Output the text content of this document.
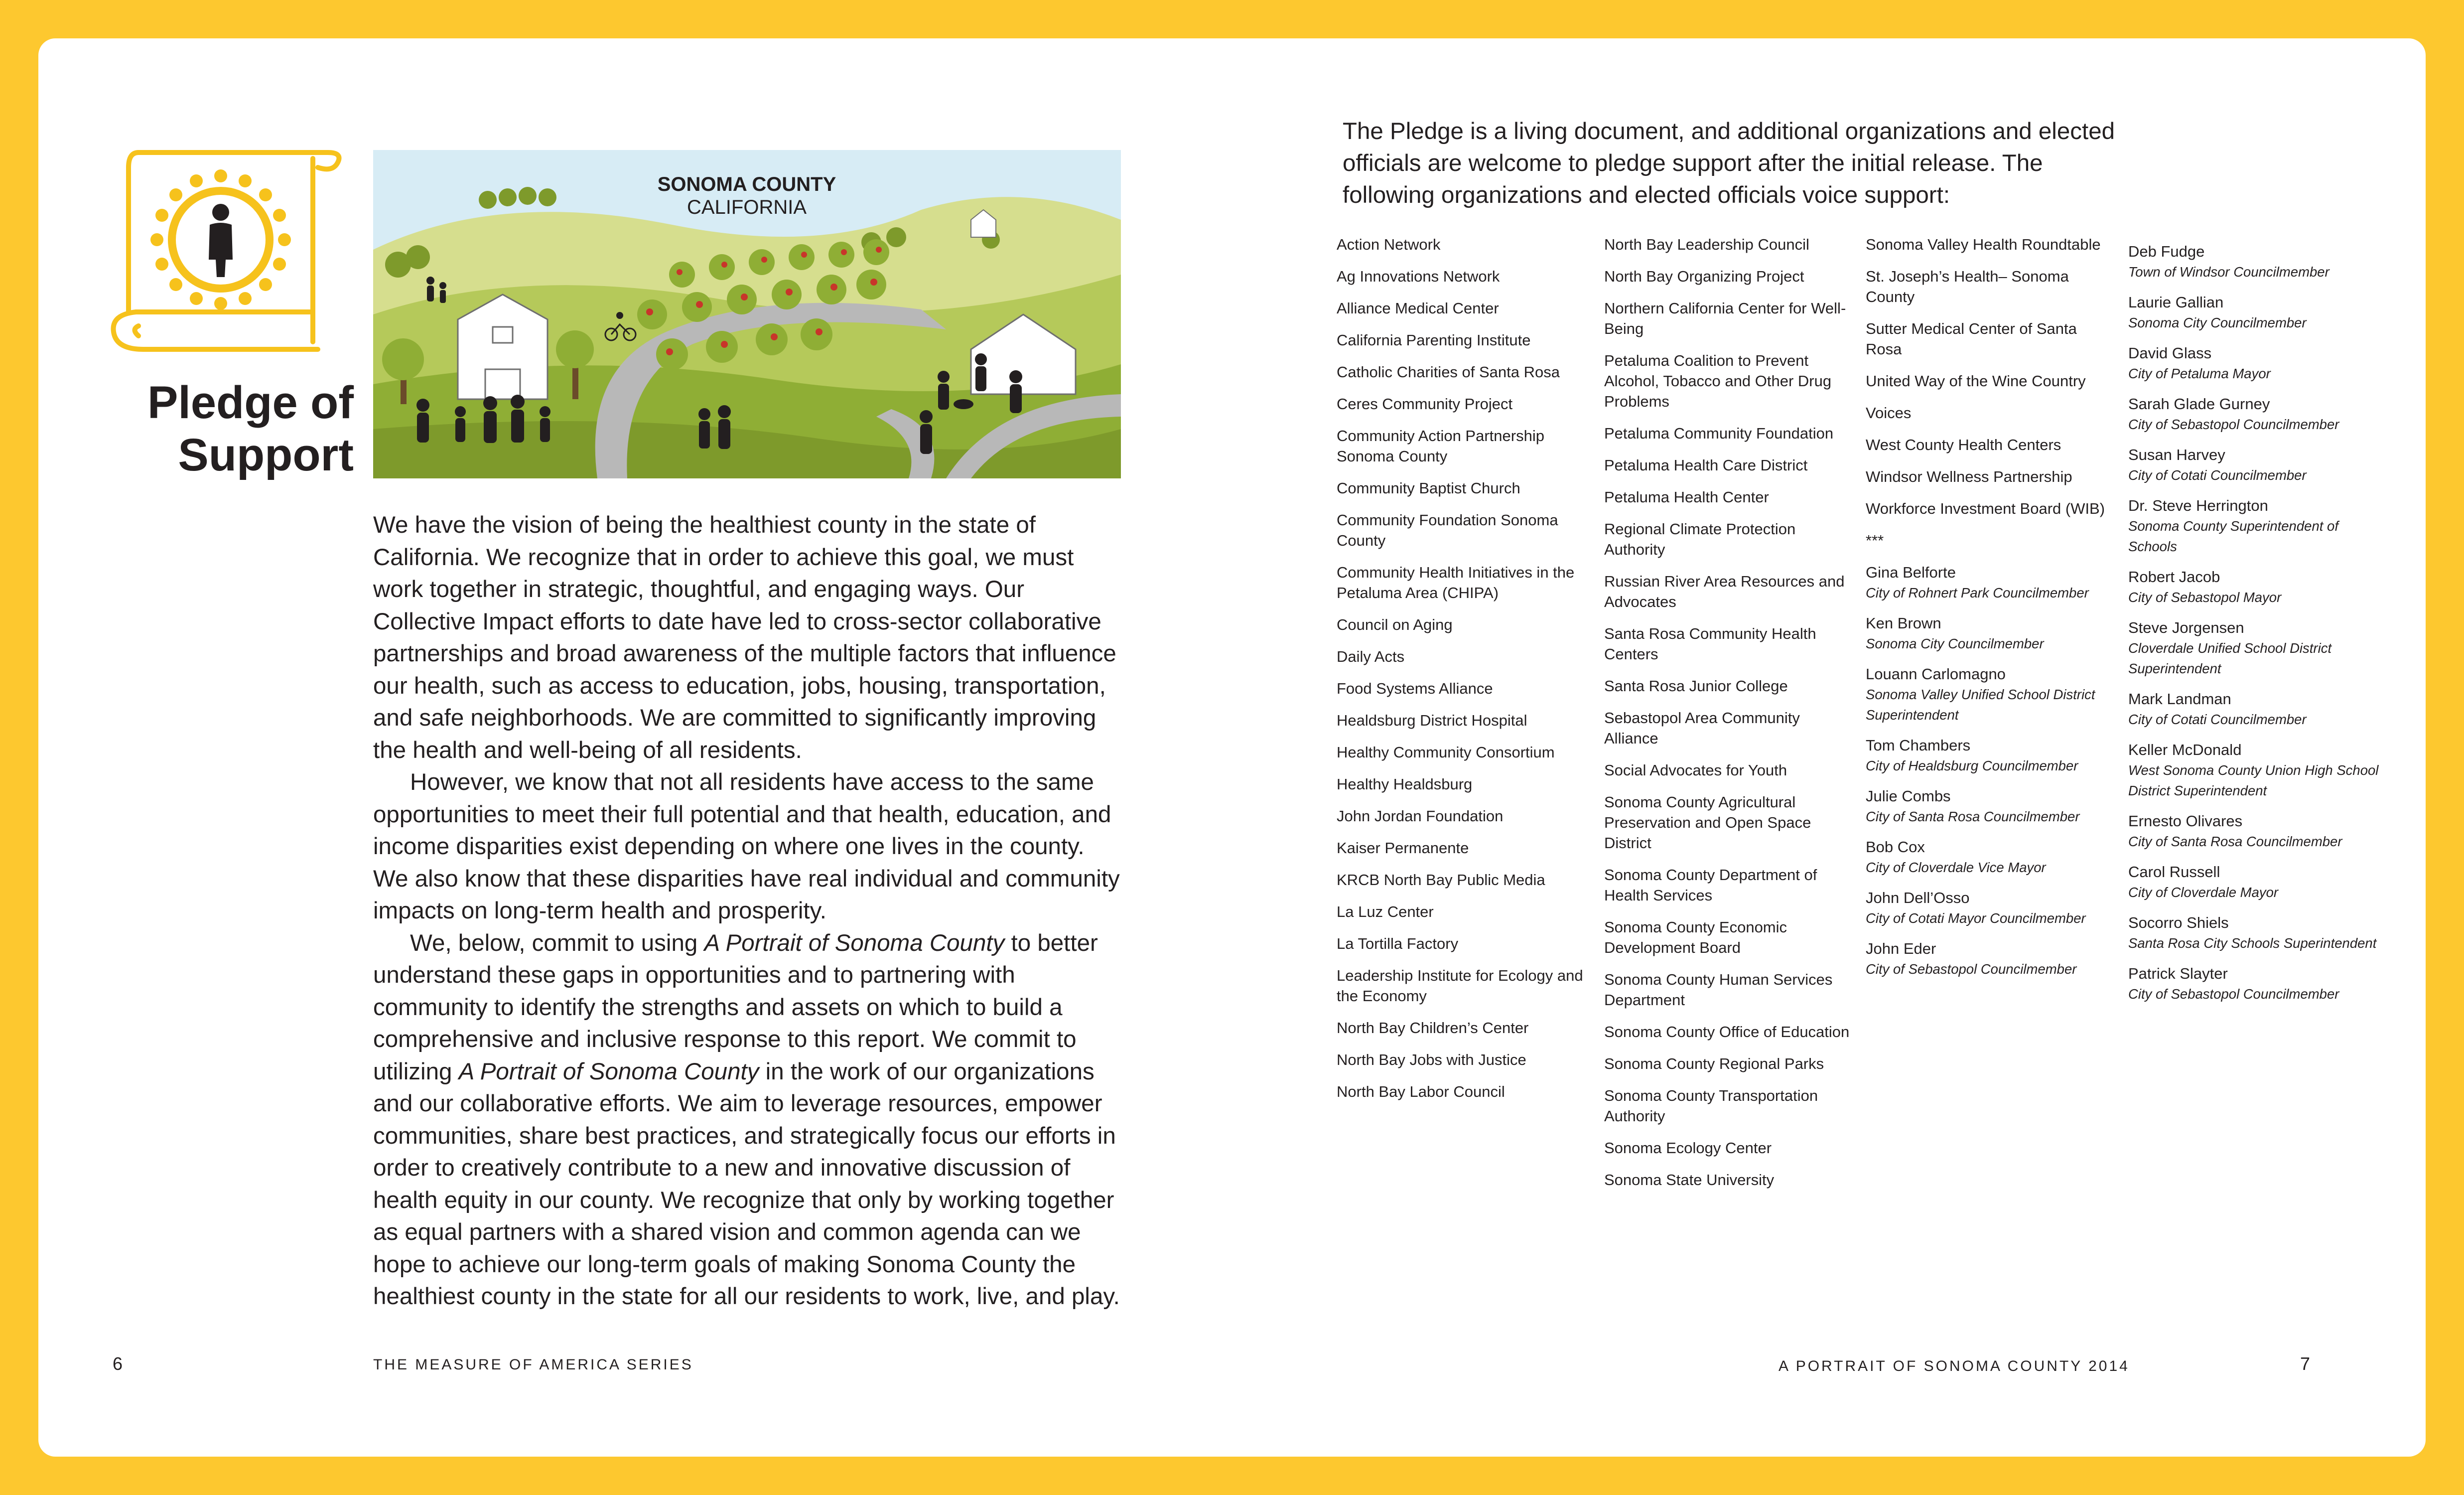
Pledge of
Support
SONOMA COUNTY
CALIFORNIA

We have the vision of being the healthiest county in the state of California. We recognize that in order to achieve this goal, we must work together in strategic, thoughtful, and engaging ways. Our Collective Impact efforts to date have led to cross-sector collaborative partnerships and broad awareness of the multiple factors that influence our health, such as access to education, jobs, housing, transportation, and safe neighborhoods. We are committed to significantly improving the health and well-being of all residents.

However, we know that not all residents have access to the same opportunities to meet their full potential and that health, education, and income disparities exist depending on where one lives in the county. We also know that these disparities have real individual and community impacts on long-term health and prosperity.

We, below, commit to using A Portrait of Sonoma County to better understand these gaps in opportunities and to partnering with community to identify the strengths and assets on which to build a comprehensive and inclusive response to this report. We commit to utilizing A Portrait of Sonoma County in the work of our organizations and our collaborative efforts. We aim to leverage resources, empower communities, share best practices, and strategically focus our efforts in order to creatively contribute to a new and innovative discussion of health equity in our county. We recognize that only by working together as equal partners with a shared vision and common agenda can we hope to achieve our long-term goals of making Sonoma County the healthiest county in the state for all our residents to work, live, and play.

6	THE MEASURE OF AMERICA SERIES
The Pledge is a living document, and additional organizations and elected officials are welcome to pledge support after the initial release. The following organizations and elected officials voice support:
Action Network
Ag Innovations Network
Alliance Medical Center
California Parenting Institute
Catholic Charities of Santa Rosa
Ceres Community Project
Community Action Partnership Sonoma County
Community Baptist Church
Community Foundation Sonoma County
Community Health Initiatives in the Petaluma Area (CHIPA)
Council on Aging
Daily Acts
Food Systems Alliance
Healdsburg District Hospital
Healthy Community Consortium
Healthy Healdsburg
John Jordan Foundation
Kaiser Permanente
KRCB North Bay Public Media
La Luz Center
La Tortilla Factory
Leadership Institute for Ecology and the Economy
North Bay Children’s Center
North Bay Jobs with Justice
North Bay Labor Council
North Bay Leadership Council
North Bay Organizing Project
Northern California Center for Well-Being
Petaluma Coalition to Prevent Alcohol, Tobacco and Other Drug Problems
Petaluma Community Foundation
Petaluma Health Care District
Petaluma Health Center
Regional Climate Protection Authority
Russian River Area Resources and Advocates
Santa Rosa Community Health Centers
Santa Rosa Junior College
Sebastopol Area Community Alliance
Social Advocates for Youth
Sonoma County Agricultural Preservation and Open Space District
Sonoma County Department of Health Services
Sonoma County Economic Development Board
Sonoma County Human Services Department
Sonoma County Office of Education
Sonoma County Regional Parks
Sonoma County Transportation Authority
Sonoma Ecology Center
Sonoma State University
Sonoma Valley Health Roundtable
St. Joseph’s Health– Sonoma County
Sutter Medical Center of Santa Rosa
United Way of the Wine Country
Voices
West County Health Centers
Windsor Wellness Partnership
Workforce Investment Board (WIB)
***
Gina Belforte
City of Rohnert Park Councilmember
Ken Brown
Sonoma City Councilmember
Louann Carlomagno
Sonoma Valley Unified School District Superintendent
Tom Chambers
City of Healdsburg Councilmember
Julie Combs
City of Santa Rosa Councilmember
Bob Cox
City of Cloverdale Vice Mayor
John Dell’Osso
City of Cotati Mayor Councilmember
John Eder
City of Sebastopol Councilmember
Deb Fudge
Town of Windsor Councilmember
Laurie Gallian
Sonoma City Councilmember
David Glass
City of Petaluma Mayor
Sarah Glade Gurney
City of Sebastopol Councilmember
Susan Harvey
City of Cotati Councilmember
Dr. Steve Herrington
Sonoma County Superintendent of Schools
Robert Jacob
City of Sebastopol Mayor
Steve Jorgensen
Cloverdale Unified School District Superintendent
Mark Landman
City of Cotati Councilmember
Keller McDonald
West Sonoma County Union High School District Superintendent
Ernesto Olivares
City of Santa Rosa Councilmember
Carol Russell
City of Cloverdale Mayor
Socorro Shiels
Santa Rosa City Schools Superintendent
Patrick Slayter
City of Sebastopol Councilmember
A PORTRAIT OF SONOMA COUNTY 2014	7
